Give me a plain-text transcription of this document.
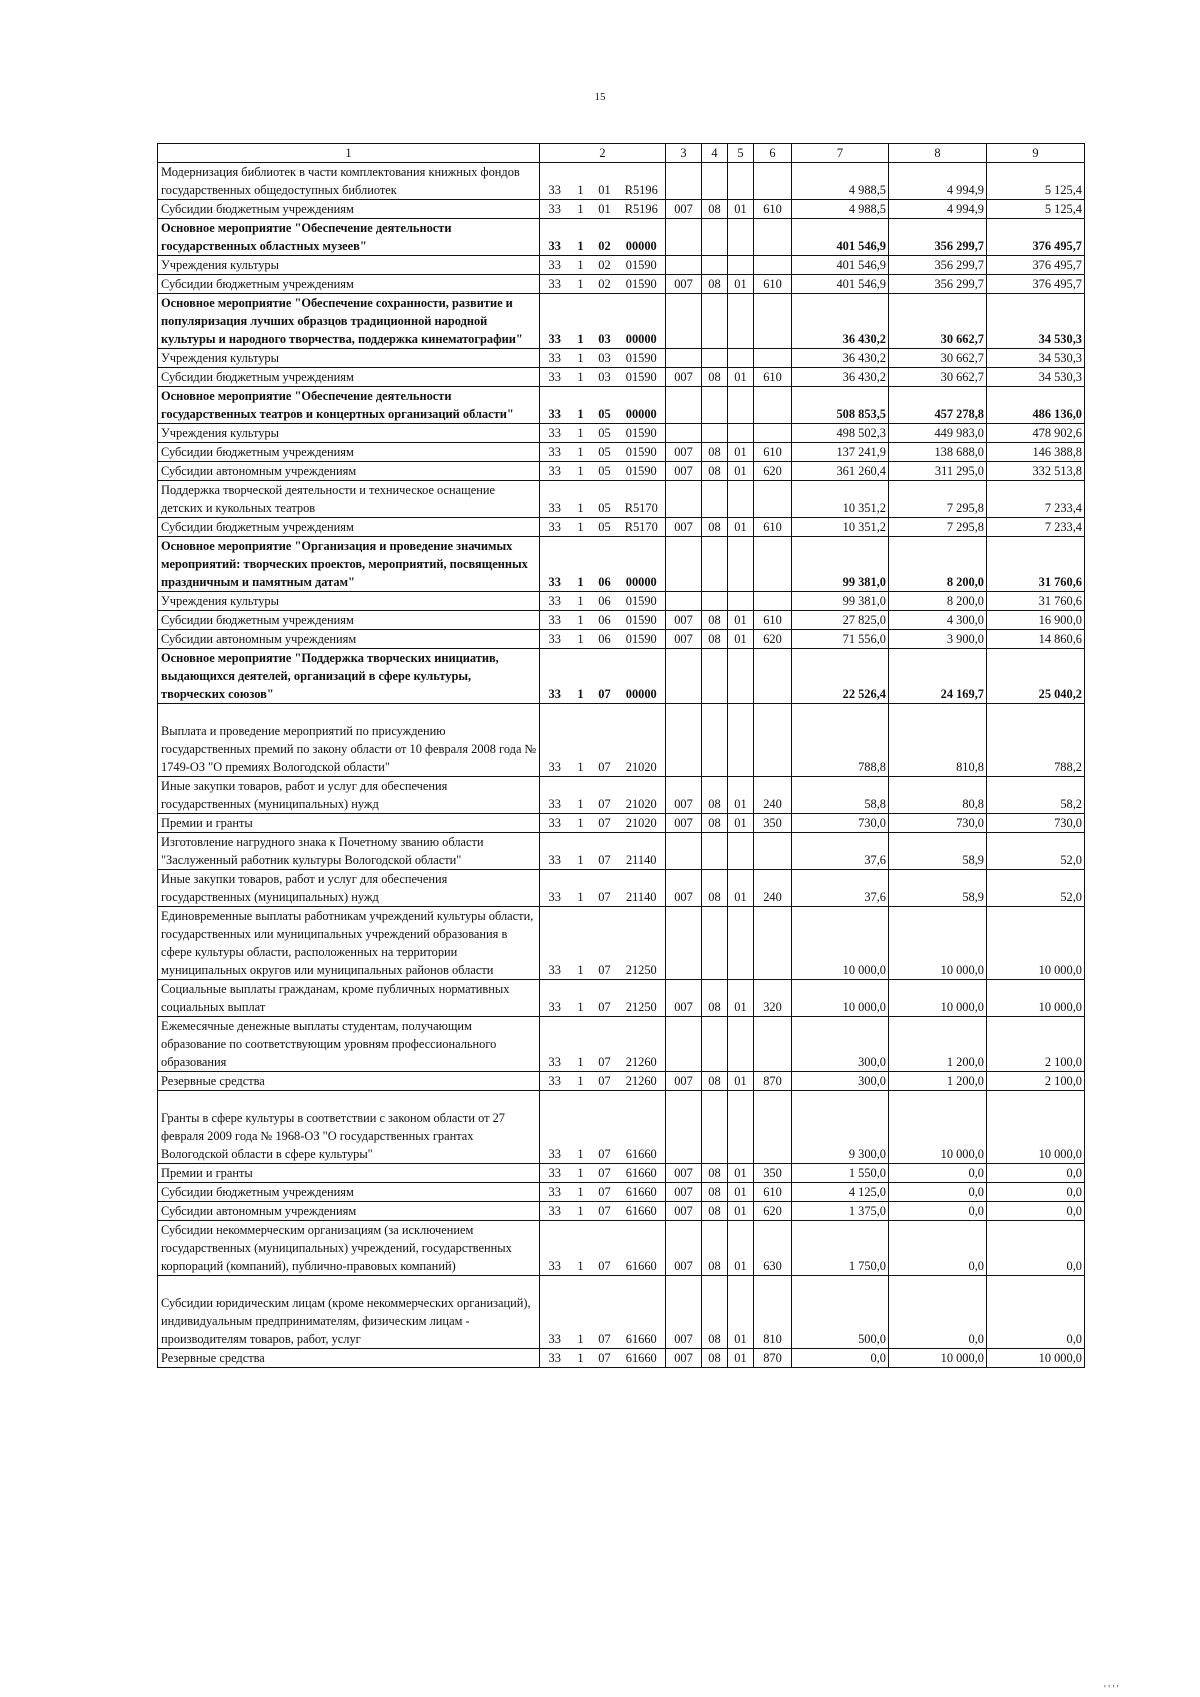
15
1	2				3	4	5	6	7	8	9
Модернизация библиотек в части комплектования книжных фондов государственных общедоступных библиотек	33	1	01	R5196					4 988,5	4 994,9	5 125,4
Субсидии бюджетным учреждениям	33	1	01	R5196	007	08	01	610	4 988,5	4 994,9	5 125,4
Основное мероприятие "Обеспечение деятельности государственных областных музеев"	33	1	02	00000					401 546,9	356 299,7	376 495,7
Учреждения культуры	33	1	02	01590					401 546,9	356 299,7	376 495,7
Субсидии бюджетным учреждениям	33	1	02	01590	007	08	01	610	401 546,9	356 299,7	376 495,7
Основное мероприятие "Обеспечение сохранности, развитие и популяризация лучших образцов традиционной народной культуры и народного творчества, поддержка кинематографии"	33	1	03	00000					36 430,2	30 662,7	34 530,3
Учреждения культуры	33	1	03	01590					36 430,2	30 662,7	34 530,3
Субсидии бюджетным учреждениям	33	1	03	01590	007	08	01	610	36 430,2	30 662,7	34 530,3
Основное мероприятие "Обеспечение деятельности государственных театров и концертных организаций области"	33	1	05	00000					508 853,5	457 278,8	486 136,0
Учреждения культуры	33	1	05	01590					498 502,3	449 983,0	478 902,6
Субсидии бюджетным учреждениям	33	1	05	01590	007	08	01	610	137 241,9	138 688,0	146 388,8
Субсидии автономным учреждениям	33	1	05	01590	007	08	01	620	361 260,4	311 295,0	332 513,8
Поддержка творческой деятельности и техническое оснащение детских и кукольных театров	33	1	05	R5170					10 351,2	7 295,8	7 233,4
Субсидии бюджетным учреждениям	33	1	05	R5170	007	08	01	610	10 351,2	7 295,8	7 233,4
Основное мероприятие "Организация и проведение значимых мероприятий: творческих проектов, мероприятий, посвященных праздничным и памятным датам"	33	1	06	00000					99 381,0	8 200,0	31 760,6
Учреждения культуры	33	1	06	01590					99 381,0	8 200,0	31 760,6
Субсидии бюджетным учреждениям	33	1	06	01590	007	08	01	610	27 825,0	4 300,0	16 900,0
Субсидии автономным учреждениям	33	1	06	01590	007	08	01	620	71 556,0	3 900,0	14 860,6
Основное мероприятие "Поддержка творческих инициатив, выдающихся деятелей, организаций в сфере культуры, творческих союзов"	33	1	07	00000					22 526,4	24 169,7	25 040,2
Выплата и проведение мероприятий по присуждению государственных премий по закону области от 10 февраля 2008 года № 1749-ОЗ "О премиях Вологодской области"	33	1	07	21020					788,8	810,8	788,2
Иные закупки товаров, работ и услуг для обеспечения государственных (муниципальных) нужд	33	1	07	21020	007	08	01	240	58,8	80,8	58,2
Премии и гранты	33	1	07	21020	007	08	01	350	730,0	730,0	730,0
Изготовление нагрудного знака к Почетному званию области "Заслуженный работник культуры Вологодской области"	33	1	07	21140					37,6	58,9	52,0
Иные закупки товаров, работ и услуг для обеспечения государственных (муниципальных) нужд	33	1	07	21140	007	08	01	240	37,6	58,9	52,0
Единовременные выплаты работникам учреждений культуры области, государственных или муниципальных учреждений образования в сфере культуры области, расположенных на территории муниципальных округов или муниципальных районов области	33	1	07	21250					10 000,0	10 000,0	10 000,0
Социальные выплаты гражданам, кроме публичных нормативных социальных выплат	33	1	07	21250	007	08	01	320	10 000,0	10 000,0	10 000,0
Ежемесячные денежные выплаты студентам, получающим образование по соответствующим уровням профессионального образования	33	1	07	21260					300,0	1 200,0	2 100,0
Резервные средства	33	1	07	21260	007	08	01	870	300,0	1 200,0	2 100,0
Гранты в сфере культуры в соответствии с законом области от 27 февраля 2009 года № 1968-ОЗ "О государственных грантах Вологодской области в сфере культуры"	33	1	07	61660					9 300,0	10 000,0	10 000,0
Премии и гранты	33	1	07	61660	007	08	01	350	1 550,0	0,0	0,0
Субсидии бюджетным учреждениям	33	1	07	61660	007	08	01	610	4 125,0	0,0	0,0
Субсидии автономным учреждениям	33	1	07	61660	007	08	01	620	1 375,0	0,0	0,0
Субсидии некоммерческим организациям (за исключением государственных (муниципальных) учреждений, государственных корпораций (компаний), публично-правовых компаний)	33	1	07	61660	007	08	01	630	1 750,0	0,0	0,0
Субсидии юридическим лицам (кроме некоммерческих организаций), индивидуальным предпринимателям, физическим лицам - производителям товаров, работ, услуг	33	1	07	61660	007	08	01	810	500,0	0,0	0,0
Резервные средства	33	1	07	61660	007	08	01	870	0,0	10 000,0	10 000,0
' ' ' '
